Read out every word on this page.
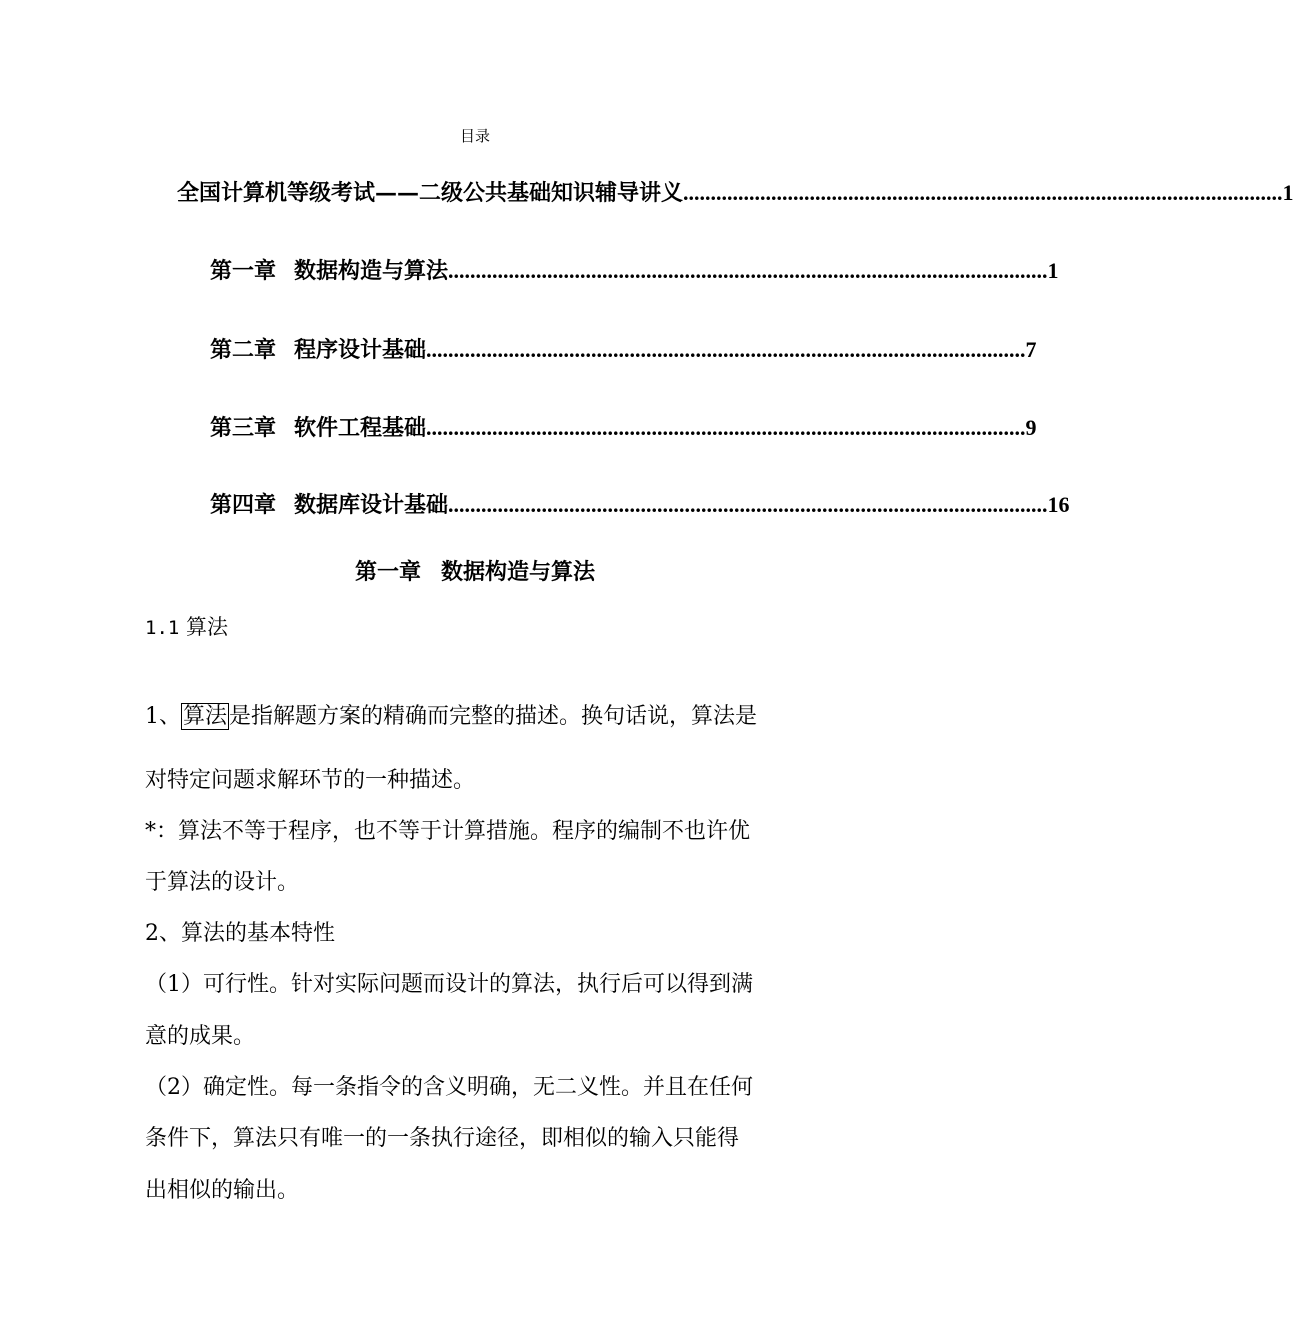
目录
全国计算机等级考试——二级公共基础知识辅导讲义 ............................................................................................................. 1
第一章 数据构造与算法 ............................................................................................................. 1
第二章 程序设计基础 ............................................................................................................. 7
第三章 软件工程基础 ............................................................................................................. 9
第四章 数据库设计基础 ............................................................................................................. 16
第一章 数据构造与算法
1.1 算法
1、算法是指解题方案的精确而完整的描述。换句话说，算法是
对特定问题求解环节的一种描述。
*：算法不等于程序，也不等于计算措施。程序的编制不也许优
于算法的设计。
2、算法的基本特性
（1）可行性。针对实际问题而设计的算法，执行后可以得到满
意的成果。
（2）确定性。每一条指令的含义明确，无二义性。并且在任何
条件下，算法只有唯一的一条执行途径，即相似的输入只能得
出相似的输出。
